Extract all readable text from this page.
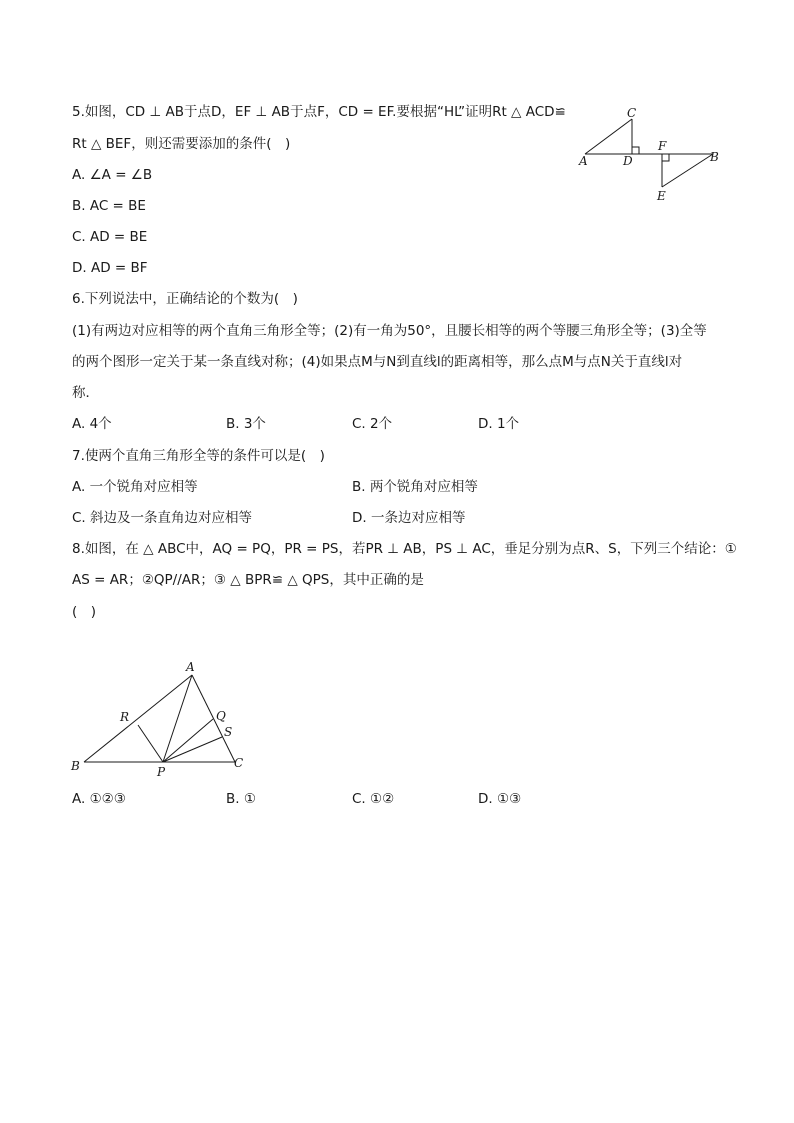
5.如图，CD ⊥ AB于点D，EF ⊥ AB于点F，CD = EF.要根据“HL”证明Rt △ ACD≌
Rt △ BEF，则还需要添加的条件(　)
A. ∠A = ∠B
B. AC = BE
C. AD = BE
D. AD = BF
A	B
C
D
E
F
6.下列说法中，正确结论的个数为(　)
(1)有两边对应相等的两个直角三角形全等；(2)有一角为50°，且腰长相等的两个等腰三角形全等；(3)全等
的两个图形一定关于某一条直线对称；(4)如果点M与N到直线l的距离相等，那么点M与点N关于直线l对
称．
A. 4个	B. 3个	C. 2个	D. 1个
7.使两个直角三角形全等的条件可以是(　)
A. 一个锐角对应相等	B. 两个锐角对应相等
C. 斜边及一条直角边对应相等	D. 一条边对应相等
8.如图，在 △ ABC中，AQ = PQ，PR = PS，若PR ⊥ AB，PS ⊥ AC，垂足分别为点R、S，下列三个结论：①
AS = AR；②QP//AR；③ △ BPR≌ △ QPS，其中正确的是
(　)
A
B	C
P
Q
R
S
A. ①②③	B. ①	C. ①②	D. ①③
